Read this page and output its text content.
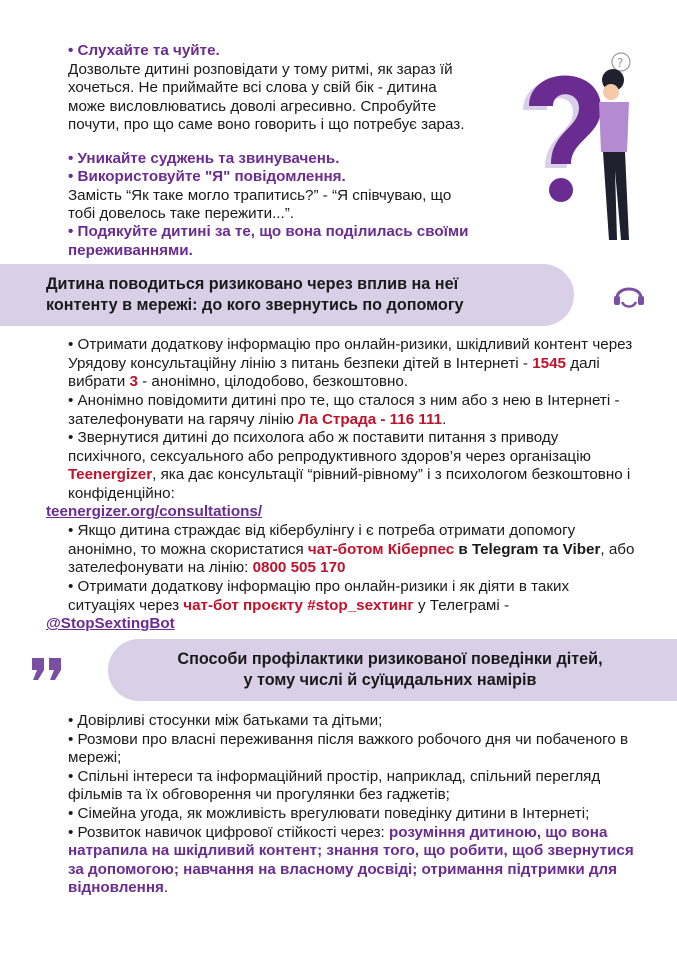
• Слухайте та чуйте.
Дозвольте дитині розповідати у тому ритмі, як зараз їй хочеться. Не приймайте всі слова у свій бік - дитина може висловлюватись доволі агресивно. Спробуйте почути, про що саме воно говорить і що потребує зараз.
• Уникайте суджень та звинувачень.
• Використовуйте "Я" повідомлення.
Замість “Як таке могло трапитись?” - “Я співчуваю, що тобі довелось таке пережити...”.
• Подякуйте дитині за те, що вона поділилась своїми переживаннями.
?
Дитина поводиться ризиковано через вплив на неї
контенту в мережі: до кого звернутись по допомогу
• Отримати додаткову інформацію про онлайн-ризики, шкідливий контент через Урядову консультаційну лінію з питань безпеки дітей в Інтернеті - 1545 далі вибрати 3 - анонімно, цілодобово, безкоштовно.
• Анонімно повідомити дитині про те, що сталося з ним або з нею в Інтернеті - зателефонувати на гарячу лінію Ла Страда - 116 111.
• Звернутися дитині до психолога або ж поставити питання з приводу психічного, сексуального або репродуктивного здоров’я через організацію Teenergizer, яка дає консультації “рівний-рівному” і з психологом безкоштовно і конфіденційно:
teenergizer.org/consultations/
• Якщо дитина страждає від кібербулінгу і є потреба отримати допомогу анонімно, то можна скористатися чат-ботом Кіберпес в Telegram та Viber, або зателефонувати на лінію: 0800 505 170
• Отримати додаткову інформацію про онлайн-ризики і як діяти в таких ситуаціях через чат-бот проєкту #stop_sexтинг у Телеграмі -
@StopSextingBot
Способи профілактики ризикованої поведінки дітей,
у тому числі й суїцидальних намірів
• Довірливі стосунки між батьками та дітьми;
• Розмови про власні переживання після важкого робочого дня чи побаченого в мережі;
• Спільні інтереси та інформаційний простір, наприклад, спільний перегляд фільмів та їх обговорення чи прогулянки без гаджетів;
• Сімейна угода, як можливість врегулювати поведінку дитини в Інтернеті;
• Розвиток навичок цифрової стійкості через: розуміння дитиною, що вона натрапила на шкідливий контент; знання того, що робити, щоб звернутися за допомогою; навчання на власному досвіді; отримання підтримки для відновлення.
